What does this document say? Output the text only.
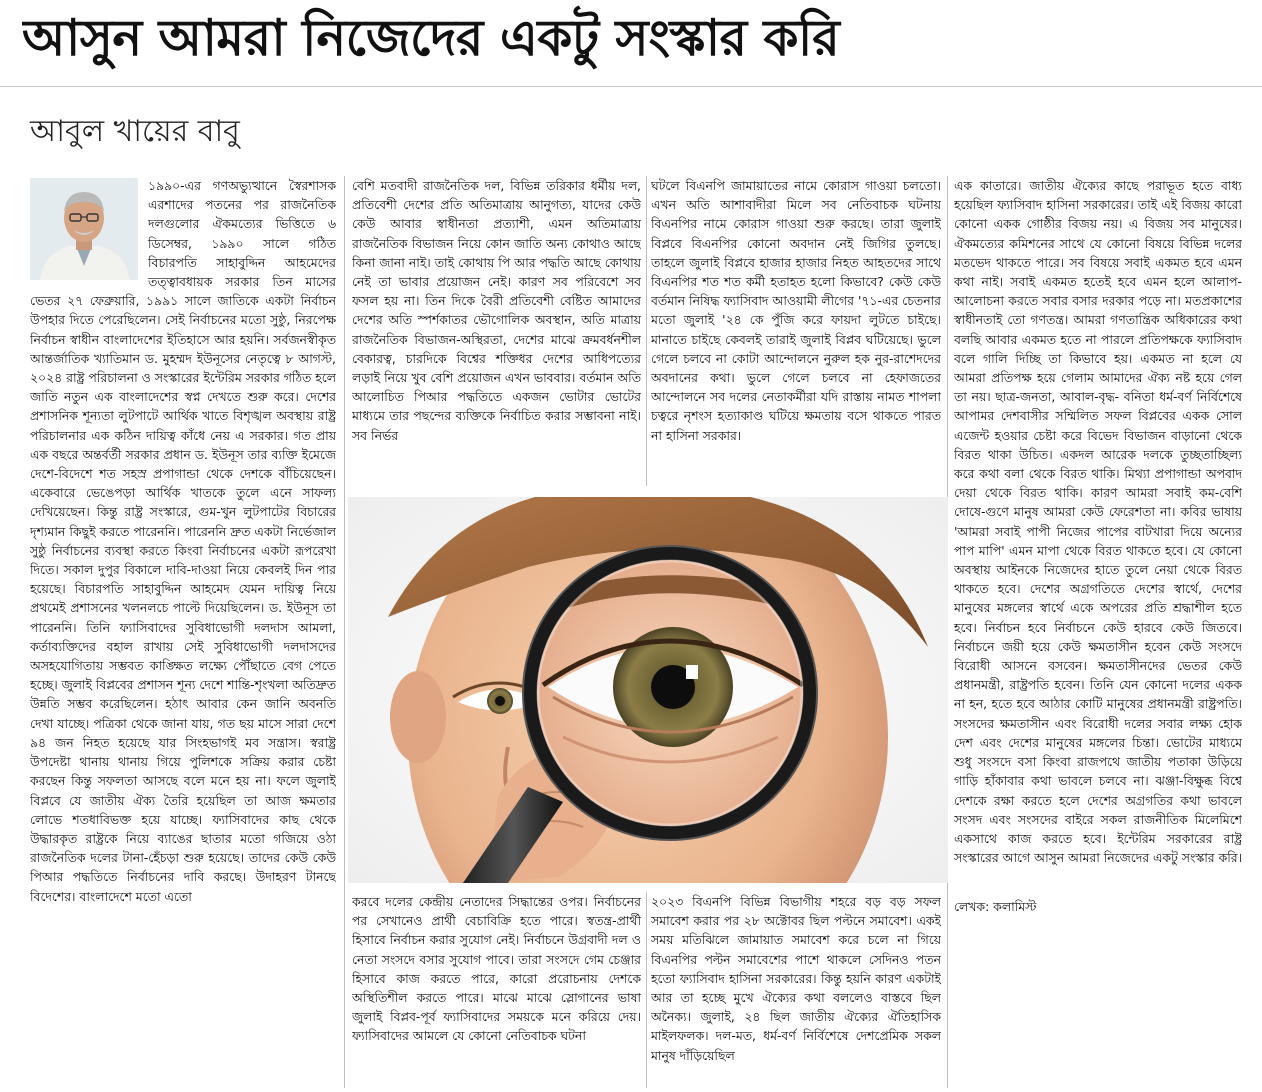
আসুন আমরা নিজেদের একটু সংস্কার করি
আবুল খায়ের বাবু

১৯৯০-এর গণঅভ্যুত্থানে স্বৈরশাসক এরশাদের পতনের পর রাজনৈতিক দলগুলোর ঐকমত্যের ভিত্তিতে ৬ ডিসেম্বর, ১৯৯০ সালে গঠিত বিচারপতি সাহাবুদ্দিন আহমেদের তত্ত্বাবধায়ক সরকার তিন মাসের ভেতর ২৭ ফেব্রুয়ারি, ১৯৯১ সালে জাতিকে একটা নির্বাচন উপহার দিতে পেরেছিলেন। সেই নির্বাচনের মতো সুষ্ঠু, নিরপেক্ষ নির্বাচন স্বাধীন বাংলাদেশের ইতিহাসে আর হয়নি। সর্বজনস্বীকৃত আন্তর্জাতিক খ্যাতিমান ড. মুহম্মদ ইউনূসের নেতৃত্বে ৮ আগস্ট, ২০২৪ রাষ্ট্র পরিচালনা ও সংস্কারের ইন্টেরিম সরকার গঠিত হলে জাতি নতুন এক বাংলাদেশের স্বপ্ন দেখতে শুরু করে। দেশের প্রশাসনিক শূন্যতা লুটপাটে আর্থিক খাতে বিশৃঙ্খল অবস্থায় রাষ্ট্র পরিচালনার এক কঠিন দায়িত্ব কাঁধে নেয় এ সরকার। গত প্রায় এক বছরে অন্তর্বর্তী সরকার প্রধান ড. ইউনূস তার ব্যক্তি ইমেজে দেশে-বিদেশে শত সহস্র প্রপাগান্ডা থেকে দেশকে বাঁচিয়েছেন। একেবারে ভেঙেপড়া আর্থিক খাতকে তুলে এনে সাফল্য দেখিয়েছেন। কিন্তু রাষ্ট্র সংস্কারে, গুম-খুন লুটপাটের বিচারের দৃশ্যমান কিছুই করতে পারেননি। পারেননি দ্রুত একটা নির্ভেজাল সুষ্ঠু নির্বাচনের ব্যবস্থা করতে কিংবা নির্বাচনের একটা রূপরেখা দিতে। সকাল দুপুর বিকালে দাবি-দাওয়া নিয়ে কেবলই দিন পার হয়েছে। বিচারপতি সাহাবুদ্দিন আহমেদ যেমন দায়িত্ব নিয়ে প্রথমেই প্রশাসনের খলনলচে পাল্টে দিয়েছিলেন। ড. ইউনূস তা পারেননি। তিনি ফ্যাসিবাদের সুবিধাভোগী দলদাস আমলা, কর্তাব্যক্তিদের বহাল রাখায় সেই সুবিধাভোগী দলদাসদের অসহযোগিতায় সম্ভবত কাঙ্ক্ষিত লক্ষ্যে পৌঁছাতে বেগ পেতে হচ্ছে। জুলাই বিপ্লবের প্রশাসন শূন্য দেশে শান্তি-শৃংখলা অতিদ্রুত উন্নতি সম্ভব করেছিলেন। হঠাৎ আবার কেন জানি অবনতি দেখা যাচ্ছে। পত্রিকা থেকে জানা যায়, গত ছয় মাসে সারা দেশে ৯৪ জন নিহত হয়েছে যার সিংহভাগই মব সন্ত্রাস। স্বরাষ্ট্র উপদেষ্টা থানায় থানায় গিয়ে পুলিশকে সক্রিয় করার চেষ্টা করছেন কিন্তু সফলতা আসছে বলে মনে হয় না। ফলে জুলাই বিপ্লবে যে জাতীয় ঐক্য তৈরি হয়েছিল তা আজ ক্ষমতার লোভে শতধাবিভক্ত হয়ে যাচ্ছে। ফ্যাসিবাদের কাছ থেকে উদ্ধারকৃত রাষ্ট্রকে নিয়ে ব্যাঙের ছাতার মতো গজিয়ে ওঠা রাজনৈতিক দলের টানা-হেঁচড়া শুরু হয়েছে। তাদের কেউ কেউ পিআর পদ্ধতিতে নির্বাচনের দাবি করছে। উদাহরণ টানছে বিদেশের। বাংলাদেশে মতো এতো

বেশি মতবাদী রাজনৈতিক দল, বিভিন্ন তরিকার ধর্মীয় দল, প্রতিবেশী দেশের প্রতি অতিমাত্রায় আনুগত্য, যাদের কেউ কেউ আবার স্বাধীনতা প্রত্যাশী, এমন অতিমাত্রায় রাজনৈতিক বিভাজন নিয়ে কোন জাতি অন্য কোথাও আছে কিনা জানা নাই। তাই কোথায় পি আর পদ্ধতি আছে কোথায় নেই তা ভাবার প্রয়োজন নেই। কারণ সব পরিবেশে সব ফসল হয় না। তিন দিকে বৈরী প্রতিবেশী বেষ্টিত আমাদের দেশের অতি স্পর্শকাতর ভৌগোলিক অবস্থান, অতি মাত্রায় রাজনৈতিক বিভাজন-অস্থিরতা, দেশের মাঝে ক্রমবর্ধনশীল বেকারত্ব, চারদিকে বিশ্বের শক্তিধর দেশের আধিপত্যের লড়াই নিয়ে খুব বেশি প্রয়োজন এখন ভাববার। বর্তমান অতি আলোচিত পিআর পদ্ধতিতে একজন ভোটার ভোটের মাধ্যমে তার পছন্দের ব্যক্তিকে নির্বাচিত করার সম্ভাবনা নাই। সব নির্ভর

ঘটলে বিএনপি জামায়াতের নামে কোরাস গাওয়া চলতো। এখন অতি আশাবাদীরা মিলে সব নেতিবাচক ঘটনায় বিএনপির নামে কোরাস গাওয়া শুরু করছে। তারা জুলাই বিপ্লবে বিএনপির কোনো অবদান নেই জিগির তুলছে। তাহলে জুলাই বিপ্লবে হাজার হাজার নিহত আহতদের সাথে বিএনপির শত শত কর্মী হতাহত হলো কিভাবে? কেউ কেউ বর্তমান নিষিদ্ধ ফ্যাসিবাদ আওয়ামী লীগের '৭১-এর চেতনার মতো জুলাই '২৪ কে পুঁজি করে ফায়দা লুটতে চাইছে। মানাতে চাইছে কেবলই তারাই জুলাই বিপ্লব ঘটিয়েছে। ভুলে গেলে চলবে না কোটা আন্দোলনে নুরুল হক নুর-রাশেদদের অবদানের কথা। ভুলে গেলে চলবে না হেফাজতের আন্দোলনে সব দলের নেতাকর্মীরা যদি রাস্তায় নামত শাপলা চত্বরে নৃশংস হত্যাকাণ্ড ঘটিয়ে ক্ষমতায় বসে থাকতে পারত না হাসিনা সরকার।

এক কাতারে। জাতীয় ঐক্যের কাছে পরাভূত হতে বাধ্য হয়েছিল ফ্যাসিবাদ হাসিনা সরকারের। তাই এই বিজয় কারো কোনো একক গোষ্ঠীর বিজয় নয়। এ বিজয় সব মানুষের। ঐকমত্যের কমিশনের সাথে যে কোনো বিষয়ে বিভিন্ন দলের মতভেদ থাকতে পারে। সব বিষয়ে সবাই একমত হবে এমন কথা নাই। সবাই একমত হতেই হবে এমন হলে আলাপ-আলোচনা করতে সবার বসার দরকার পড়ে না। মতপ্রকাশের স্বাধীনতাই তো গণতন্ত্র। আমরা গণতান্ত্রিক অধিকারের কথা বলছি আবার একমত হতে না পারলে প্রতিপক্ষকে ফ্যাসিবাদ বলে গালি দিচ্ছি তা কিভাবে হয়। একমত না হলে যে আমরা প্রতিপক্ষ হয়ে গেলাম আমাদের ঐক্য নষ্ট হয়ে গেল তা নয়। ছাত্র-জনতা, আবাল-বৃদ্ধ- বনিতা ধর্ম-বর্ণ নির্বিশেষে আপামর দেশবাসীর সম্মিলিত সফল বিপ্লবের একক সোল এজেন্ট হওয়ার চেষ্টা করে বিভেদ বিভাজন বাড়ানো থেকে বিরত থাকা উচিত। একদল আরেক দলকে তুচ্ছতাচ্ছিল্য করে কথা বলা থেকে বিরত থাকি। মিথ্যা প্রপাগান্ডা অপবাদ দেয়া থেকে বিরত থাকি। কারণ আমরা সবাই কম-বেশি দোষে-গুণে মানুষ আমরা কেউ ফেরেশতা না। কবির ভাষায় 'আমরা সবাই পাপী নিজের পাপের বাটখারা দিয়ে অন্যের পাপ মাপি' এমন মাপা থেকে বিরত থাকতে হবে। যে কোনো অবস্থায় আইনকে নিজেদের হাতে তুলে নেয়া থেকে বিরত থাকতে হবে। দেশের অগ্রগতিতে দেশের স্বার্থে, দেশের মানুষের মঙ্গলের স্বার্থে একে অপরের প্রতি শ্রদ্ধাশীল হতে হবে। নির্বাচন হবে নির্বাচনে কেউ হারবে কেউ জিতবে। নির্বাচনে জয়ী হয়ে কেউ ক্ষমতাসীন হবেন কেউ সংসদে বিরোধী আসনে বসবেন। ক্ষমতাসীনদের ভেতর কেউ প্রধানমন্ত্রী, রাষ্ট্রপতি হবেন। তিনি যেন কোনো দলের একক না হন, হতে হবে আঠার কোটি মানুষের প্রধানমন্ত্রী রাষ্ট্রপতি। সংসদের ক্ষমতাসীন এবং বিরোধী দলের সবার লক্ষ্য হোক দেশ এবং দেশের মানুষের মঙ্গলের চিন্তা। ভোটের মাধ্যমে শুধু সংসদে বসা কিংবা রাজপথে জাতীয় পতাকা উড়িয়ে গাড়ি হাঁকাবার কথা ভাবলে চলবে না। ঝঞ্জা-বিক্ষুব্ধ বিশ্বে দেশকে রক্ষা করতে হলে দেশের অগ্রগতির কথা ভাবলে সংসদ এবং সংসদের বাইরে সকল রাজনীতিক মিলেমিশে একসাথে কাজ করতে হবে। ইন্টেরিম সরকারের রাষ্ট্র সংস্কারের আগে আসুন আমরা নিজেদের একটু সংস্কার করি।

লেখক: কলামিস্ট

করবে দলের কেন্দ্রীয় নেতাদের সিদ্ধান্তের ওপর। নির্বাচনের পর সেখানেও প্রার্থী বেচাবিক্রি হতে পারে। স্বতন্ত্র-প্রার্থী হিসাবে নির্বাচন করার সুযোগ নেই। নির্বাচনে উগ্রবাদী দল ও নেতা সংসদে বসার সুযোগ পাবে। তারা সংসদে গেম চেঞ্জার হিসাবে কাজ করতে পারে, কারো প্ররোচনায় দেশকে অস্থিতিশীল করতে পারে। মাঝে মাঝে স্লোগানের ভাষা জুলাই বিপ্লব-পূর্ব ফ্যাসিবাদের সময়কে মনে করিয়ে দেয়। ফ্যাসিবাদের আমলে যে কোনো নেতিবাচক ঘটনা

২০২৩ বিএনপি বিভিন্ন বিভাগীয় শহরে বড় বড় সফল সমাবেশ করার পর ২৮ অক্টোবর ছিল পল্টনে সমাবেশ। একই সময় মতিঝিলে জামায়াত সমাবেশ করে চলে না গিয়ে বিএনপির পল্টন সমাবেশের পাশে থাকলে সেদিনও পতন হতো ফ্যাসিবাদ হাসিনা সরকারের। কিন্তু হয়নি কারণ একটাই আর তা হচ্ছে মুখে ঐক্যের কথা বললেও বাস্তবে ছিল অনৈক্য। জুলাই, ২৪ ছিল জাতীয় ঐক্যের ঐতিহাসিক মাইলফলক। দল-মত, ধর্ম-বর্ণ নির্বিশেষে দেশপ্রেমিক সকল মানুষ দাঁড়িয়েছিল
